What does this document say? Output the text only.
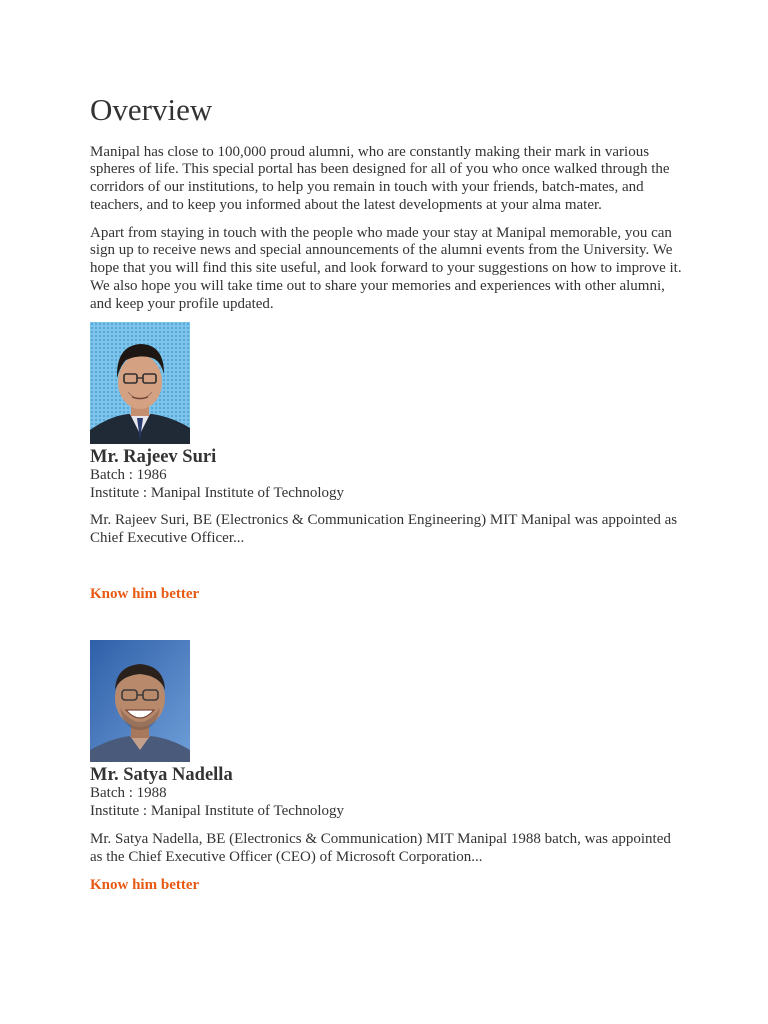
Overview

Manipal has close to 100,000 proud alumni, who are constantly making their mark in various spheres of life. This special portal has been designed for all of you who once walked through the corridors of our institutions, to help you remain in touch with your friends, batch-mates, and teachers, and to keep you informed about the latest developments at your alma mater.

Apart from staying in touch with the people who made your stay at Manipal memorable, you can sign up to receive news and special announcements of the alumni events from the University. We hope that you will find this site useful, and look forward to your suggestions on how to improve it. We also hope you will take time out to share your memories and experiences with other alumni, and keep your profile updated.

Mr. Rajeev Suri
Batch : 1986
Institute : Manipal Institute of Technology

Mr. Rajeev Suri, BE (Electronics & Communication Engineering) MIT Manipal was appointed as Chief Executive Officer...

Know him better
Mr. Satya Nadella
Batch : 1988
Institute : Manipal Institute of Technology

Mr. Satya Nadella, BE (Electronics & Communication) MIT Manipal 1988 batch, was appointed as the Chief Executive Officer (CEO) of Microsoft Corporation...

Know him better
